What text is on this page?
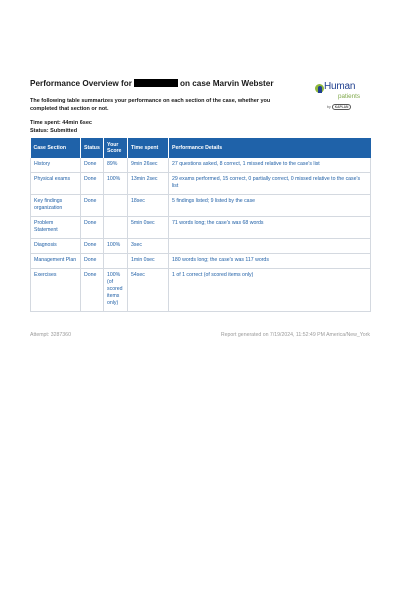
Performance Overview for	on case Marvin Webster
The following table summarizes your performance on each section of the case, whether you completed that section or not.
Time spent: 44min 6sec
Status: Submitted
Human
patients
by KAPLAN
Case Section	Status	Your Score	Time spent	Performance Details
History	Done	89%	9min 26sec	27 questions asked, 8 correct, 1 missed relative to the case's list
Physical exams	Done	100%	13min 2sec	29 exams performed, 15 correct, 0 partially correct, 0 missed relative to the case's list
Key findings organization	Done		18sec	5 findings listed; 9 listed by the case
Problem Statement	Done		5min 0sec	71 words long; the case's was 68 words
Diagnosis	Done	100%	3sec	
Management Plan	Done		1min 0sec	180 words long; the case's was 117 words
Exercises	Done	100% (of scored items only)	54sec	1 of 1 correct (of scored items only)
Attempt: 3287360	Report generated on 7/19/2024, 11:52:49 PM America/New_York
